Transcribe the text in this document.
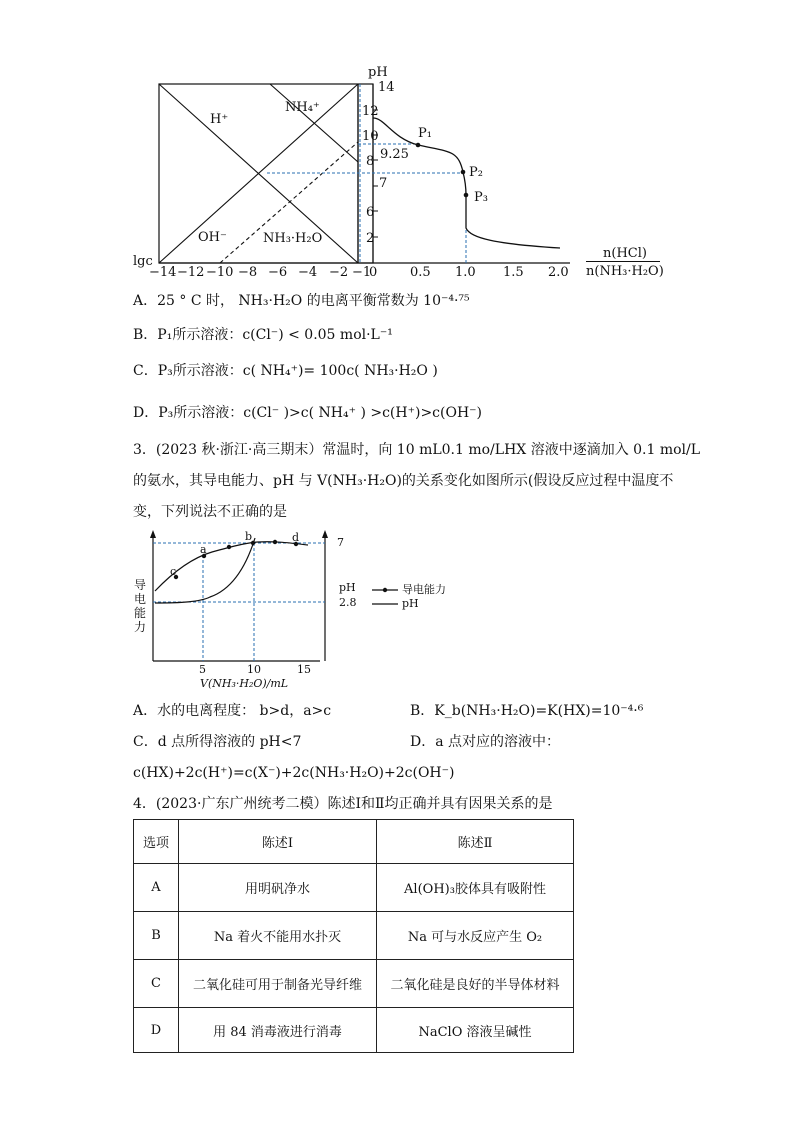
pH
14
12
10
8
6
2
9.25
7
H⁺
NH₄⁺
OH⁻	NH₃·H₂O
P₁
P₂
P₃
lgc
−14 −12 −10 −8 −6 −4 −2 −1
0	0.5 1.0 1.5 2.0
n(HCl)
n(NH₃·H₂O)
A．25 ° C 时， NH₃·H₂O 的电离平衡常数为 10⁻⁴·⁷⁵
B．P₁所示溶液：c(Cl⁻) < 0.05 mol·L⁻¹
C．P₃所示溶液：c( NH₄⁺)= 100c( NH₃·H₂O )
D．P₃所示溶液：c(Cl⁻ )>c( NH₄⁺ ) >c(H⁺)>c(OH⁻)
3．(2023 秋·浙江·高三期末）常温时，向 10 mL0.1 mo/LHX 溶液中逐滴加入 0.1 mol/L
的氨水，其导电能力、pH 与 V(NH₃·H₂O)的关系变化如图所示(假设反应过程中温度不
变，下列说法不正确的是
导
电
能
力
pH
7
2.8
5	10	15
V(NH₃·H₂O)/mL
a
b
c
d
导电能力
pH
A．水的电离程度： b>d，a>c	B．K_b(NH₃·H₂O)=K(HX)=10⁻⁴·⁶
C．d 点所得溶液的 pH<7	D．a 点对应的溶液中：
c(HX)+2c(H⁺)=c(X⁻)+2c(NH₃·H₂O)+2c(OH⁻)
4．(2023·广东广州统考二模）陈述Ⅰ和Ⅱ均正确并具有因果关系的是
选项	陈述Ⅰ	陈述Ⅱ
A	用明矾净水	Al(OH)₃胶体具有吸附性
B	Na 着火不能用水扑灭	Na 可与水反应产生 O₂
C	二氧化硅可用于制备光导纤维	二氧化硅是良好的半导体材料
D	用 84 消毒液进行消毒	NaClO 溶液呈碱性
